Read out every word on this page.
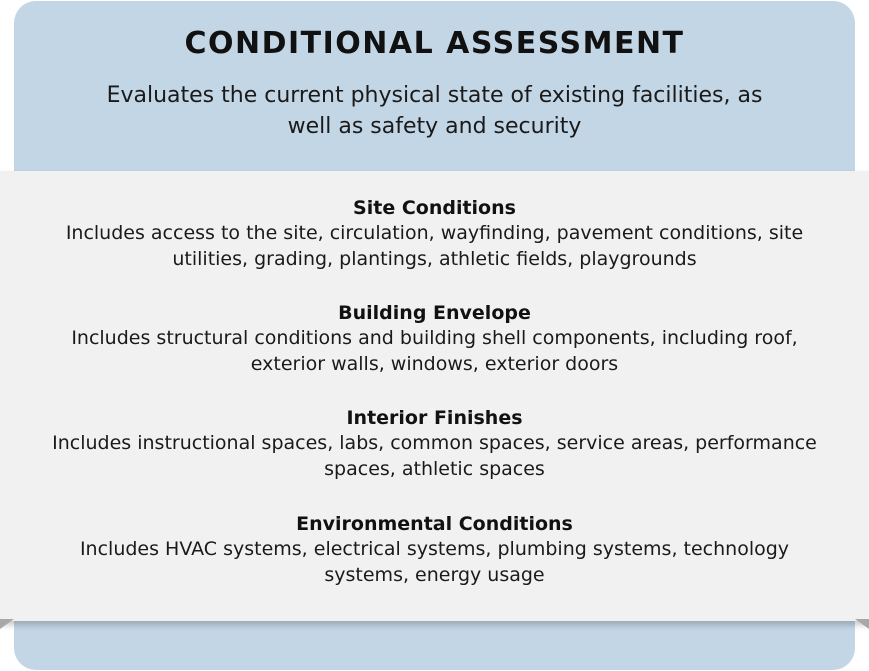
CONDITIONAL ASSESSMENT

Evaluates the current physical state of existing facilities, as well as safety and security

Site Conditions
Includes access to the site, circulation, wayfinding, pavement conditions, site utilities, grading, plantings, athletic fields, playgrounds
Building Envelope
Includes structural conditions and building shell components, including roof, exterior walls, windows, exterior doors
Interior Finishes
Includes instructional spaces, labs, common spaces, service areas, performance spaces, athletic spaces
Environmental Conditions
Includes HVAC systems, electrical systems, plumbing systems, technology systems, energy usage
